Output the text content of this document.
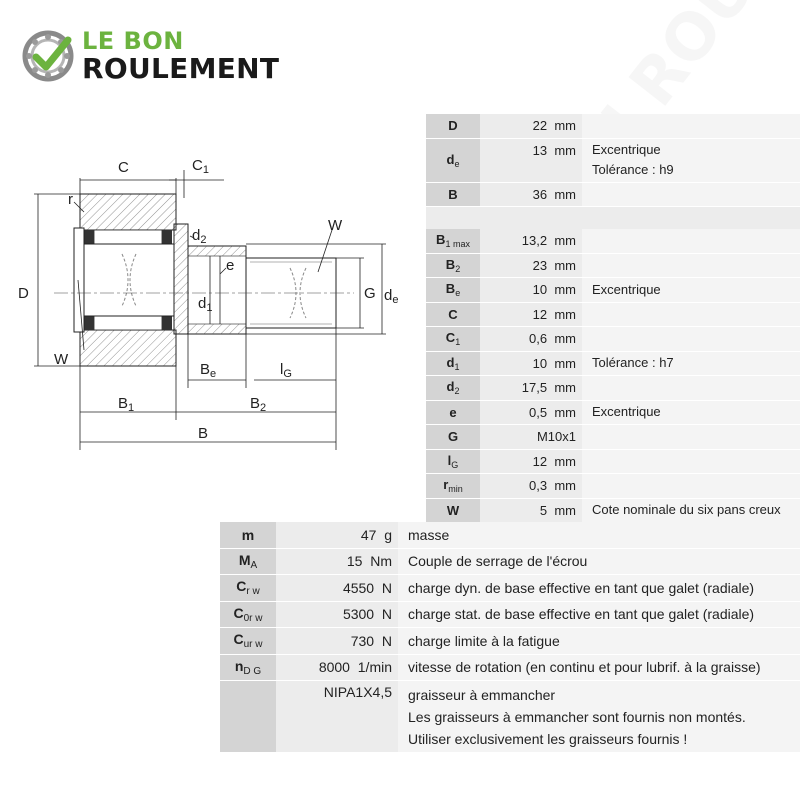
LE BON
ROULEMENT
C	$C_1$
r
$d_2$
W
D
e
$d_1$
G $d_e$
W
$B_e$	$l_G$
$B_1$	$B_2$
B
D	22 mm	
$d_e$	13 mm	Excentrique
Tolérance : h9

B	36 mm	

$B_{1 max}$	13,2 mm	
$B_2$	23 mm	
$B_e$	10 mm	Excentrique
C	12 mm	
$C_1$	0,6 mm	
$d_1$	10 mm	Tolérance : h7
$d_2$	17,5 mm	
e	0,5 mm	Excentrique
G	M10x1	
$l_G$	12 mm	
$r_{min}$	0,3 mm	
W	5 mm	Cote nominale du six pans creux
m	47 g	masse
$M_A$	15 Nm	Couple de serrage de l'écrou
$C_{r w}$	4550 N	charge dyn. de base effective en tant que galet (radiale)
$C_{0r w}$	5300 N	charge stat. de base effective en tant que galet (radiale)
$C_{ur w}$	730 N	charge limite à la fatigue
$n_{D G}$	8000 1/min	vitesse de rotation (en continu et pour lubrif. à la graisse)
	NIPA1X4,5	graisseur à emmancher
Les graisseurs à emmancher sont fournis non montés.
Utiliser exclusivement les graisseurs fournis !
